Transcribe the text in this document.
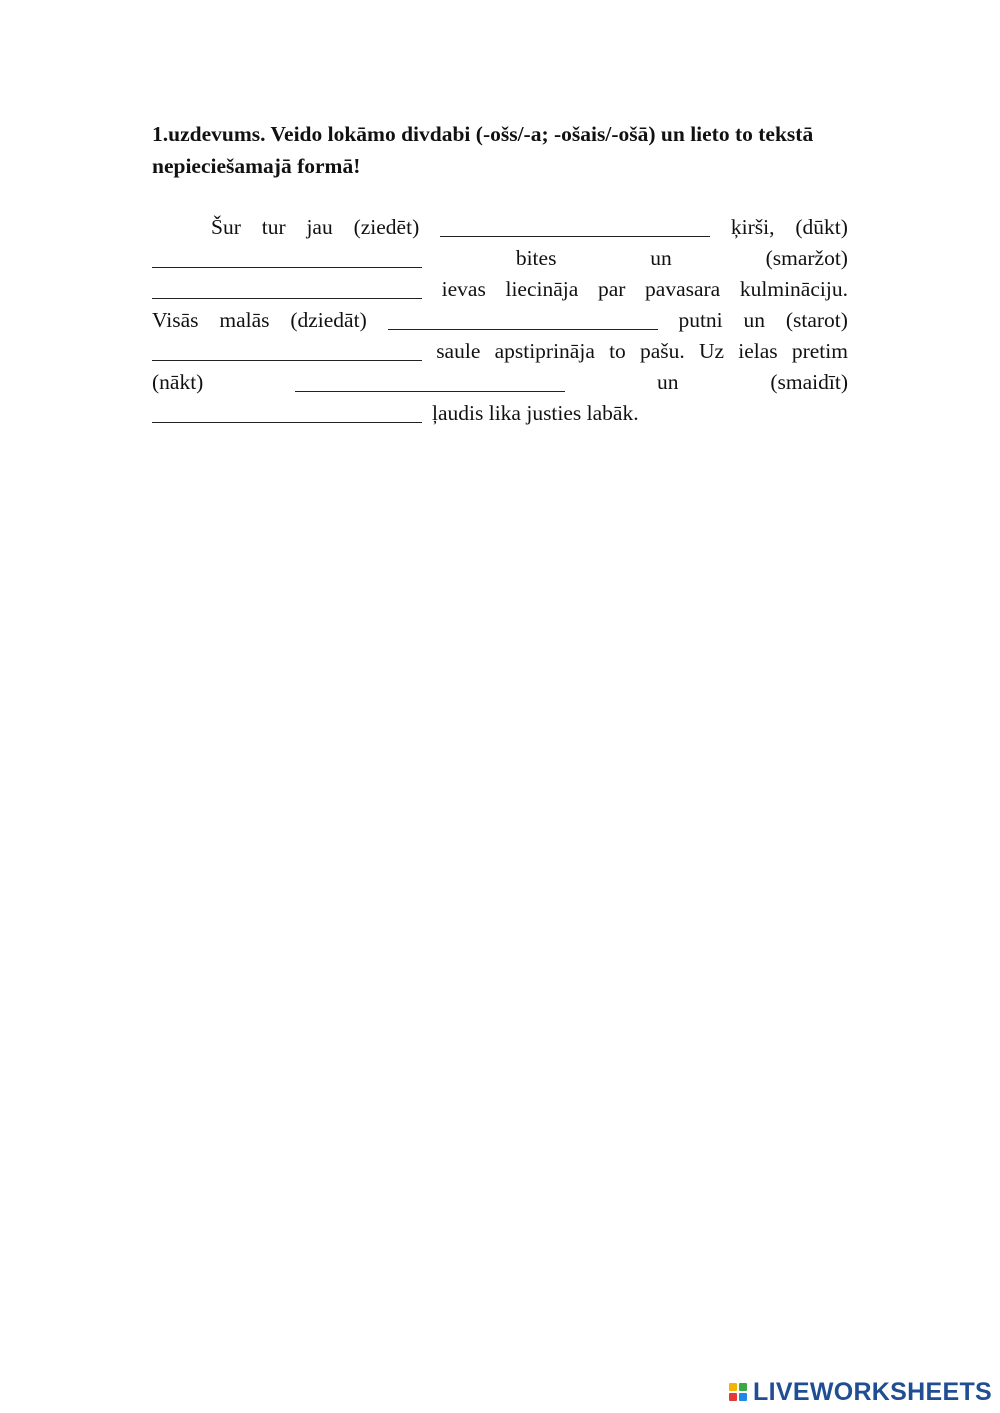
1.uzdevums. Veido lokāmo divdabi (-ošs/-a; -ošais/-ošā) un lieto to tekstā nepieciešamajā formā!
Šur tur jau (ziedēt)	ķirši, (dūkt)
bites	un	(smaržot)
ievas liecināja par pavasara kulmināciju.
Visās malās (dziedāt)	putni un (starot)
saule apstiprināja to pašu. Uz ielas pretim
(nākt)	un	(smaidīt)
ļaudis lika justies labāk.
LIVEWORKSHEETS
